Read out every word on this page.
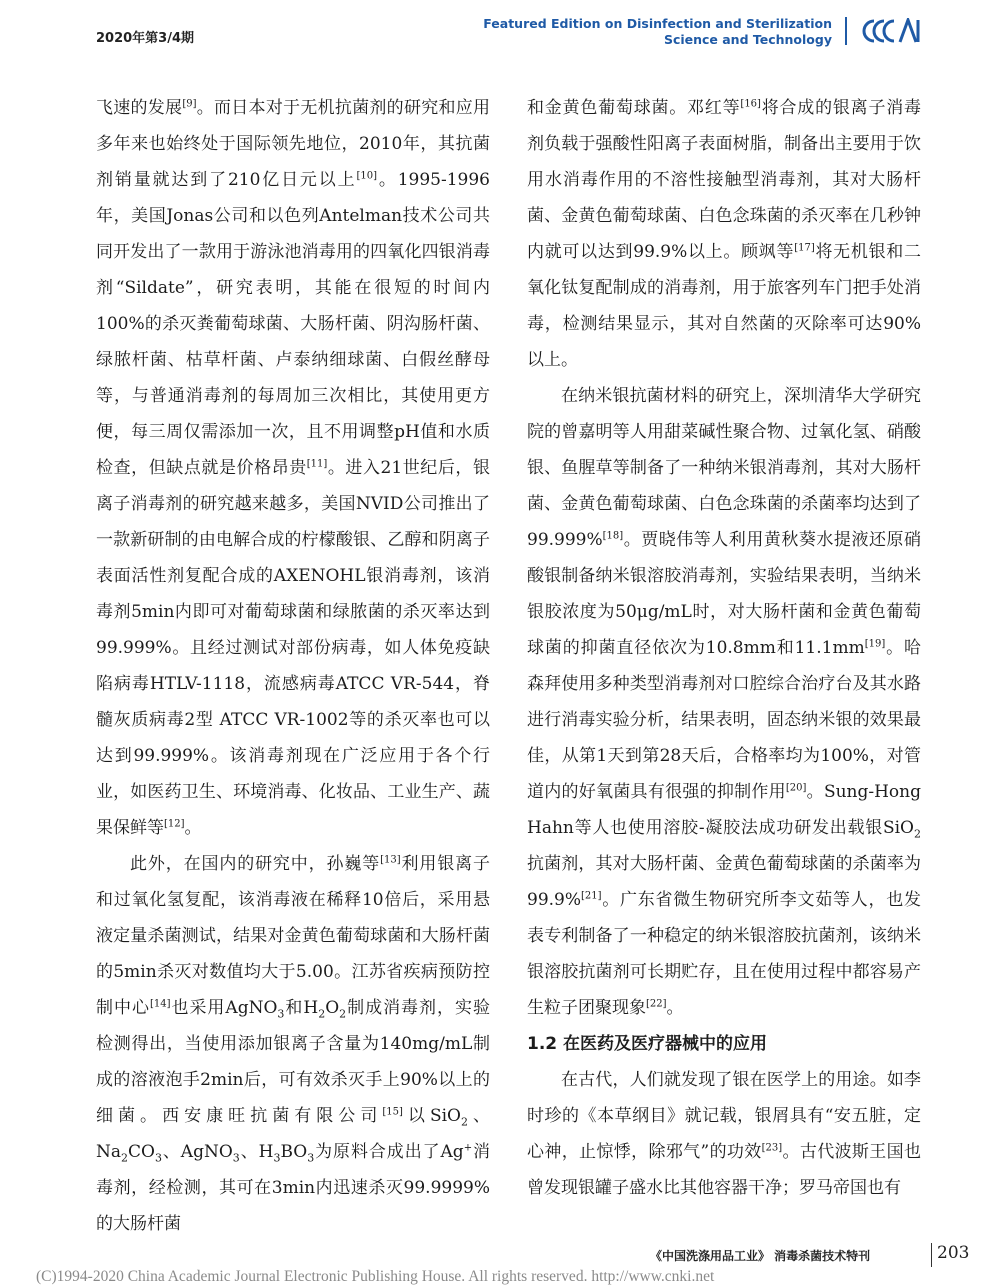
2020年第3/4期
Featured Edition on Disinfection and Sterilization
Science and Technology

飞速的发展[9]。而日本对于无机抗菌剂的研究和应用多年来也始终处于国际领先地位，2010年，其抗菌剂销量就达到了210亿日元以上[10]。1995-1996年，美国Jonas公司和以色列Antelman技术公司共同开发出了一款用于游泳池消毒用的四氧化四银消毒剂“Sildate”，研究表明，其能在很短的时间内100%的杀灭粪葡萄球菌、大肠杆菌、阴沟肠杆菌、绿脓杆菌、枯草杆菌、卢泰纳细球菌、白假丝酵母等，与普通消毒剂的每周加三次相比，其使用更方便，每三周仅需添加一次，且不用调整pH值和水质检查，但缺点就是价格昂贵[11]。进入21世纪后，银离子消毒剂的研究越来越多，美国NVID公司推出了一款新研制的由电解合成的柠檬酸银、乙醇和阴离子表面活性剂复配合成的AXENOHL银消毒剂，该消毒剂5min内即可对葡萄球菌和绿脓菌的杀灭率达到99.999%。且经过测试对部份病毒，如人体免疫缺陷病毒HTLV-1118，流感病毒ATCC VR-544，脊髓灰质病毒2型 ATCC VR-1002等的杀灭率也可以达到99.999%。该消毒剂现在广泛应用于各个行业，如医药卫生、环境消毒、化妆品、工业生产、蔬果保鲜等[12]。

此外，在国内的研究中，孙巍等[13]利用银离子和过氧化氢复配，该消毒液在稀释10倍后，采用悬液定量杀菌测试，结果对金黄色葡萄球菌和大肠杆菌的5min杀灭对数值均大于5.00。江苏省疾病预防控制中心[14]也采用AgNO$_3$和$H_2O_2$制成消毒剂，实验检测得出，当使用添加银离子含量为140mg/mL制成的溶液泡手2min后，可有效杀灭手上90%以上的细菌。西安康旺抗菌有限公司[15]以SiO$_2$、$Na_2CO_3$、AgNO$_3$、$H_3BO_3$为原料合成出了Ag+消毒剂，经检测，其可在3min内迅速杀灭99.9999%的大肠杆菌

和金黄色葡萄球菌。邓红等[16]将合成的银离子消毒剂负载于强酸性阳离子表面树脂，制备出主要用于饮用水消毒作用的不溶性接触型消毒剂，其对大肠杆菌、金黄色葡萄球菌、白色念珠菌的杀灭率在几秒钟内就可以达到99.9%以上。顾飒等[17]将无机银和二氧化钛复配制成的消毒剂，用于旅客列车门把手处消毒，检测结果显示，其对自然菌的灭除率可达90%以上。

在纳米银抗菌材料的研究上，深圳清华大学研究院的曾嘉明等人用甜菜碱性聚合物、过氧化氢、硝酸银、鱼腥草等制备了一种纳米银消毒剂，其对大肠杆菌、金黄色葡萄球菌、白色念珠菌的杀菌率均达到了99.999%[18]。贾晓伟等人利用黄秋葵水提液还原硝酸银制备纳米银溶胶消毒剂，实验结果表明，当纳米银胶浓度为50μg/mL时，对大肠杆菌和金黄色葡萄球菌的抑菌直径依次为10.8mm和11.1mm[19]。哈森拜使用多种类型消毒剂对口腔综合治疗台及其水路进行消毒实验分析，结果表明，固态纳米银的效果最佳，从第1天到第28天后，合格率均为100%，对管道内的好氧菌具有很强的抑制作用[20]。Sung-Hong Hahn等人也使用溶胶-凝胶法成功研发出载银SiO$_2$抗菌剂，其对大肠杆菌、金黄色葡萄球菌的杀菌率为99.9%[21]。广东省微生物研究所李文茹等人，也发表专利制备了一种稳定的纳米银溶胶抗菌剂，该纳米银溶胶抗菌剂可长期贮存，且在使用过程中都容易产生粒子团聚现象[22]。

1.2 在医药及医疗器械中的应用

在古代，人们就发现了银在医学上的用途。如李时珍的《本草纲目》就记载，银屑具有“安五脏，定心神，止惊悸，除邪气”的功效[23]。古代波斯王国也曾发现银罐子盛水比其他容器干净；罗马帝国也有

《中国洗涤用品工业》 消毒杀菌技术特刊	203
(C)1994-2020 China Academic Journal Electronic Publishing House. All rights reserved. http://www.cnki.net
